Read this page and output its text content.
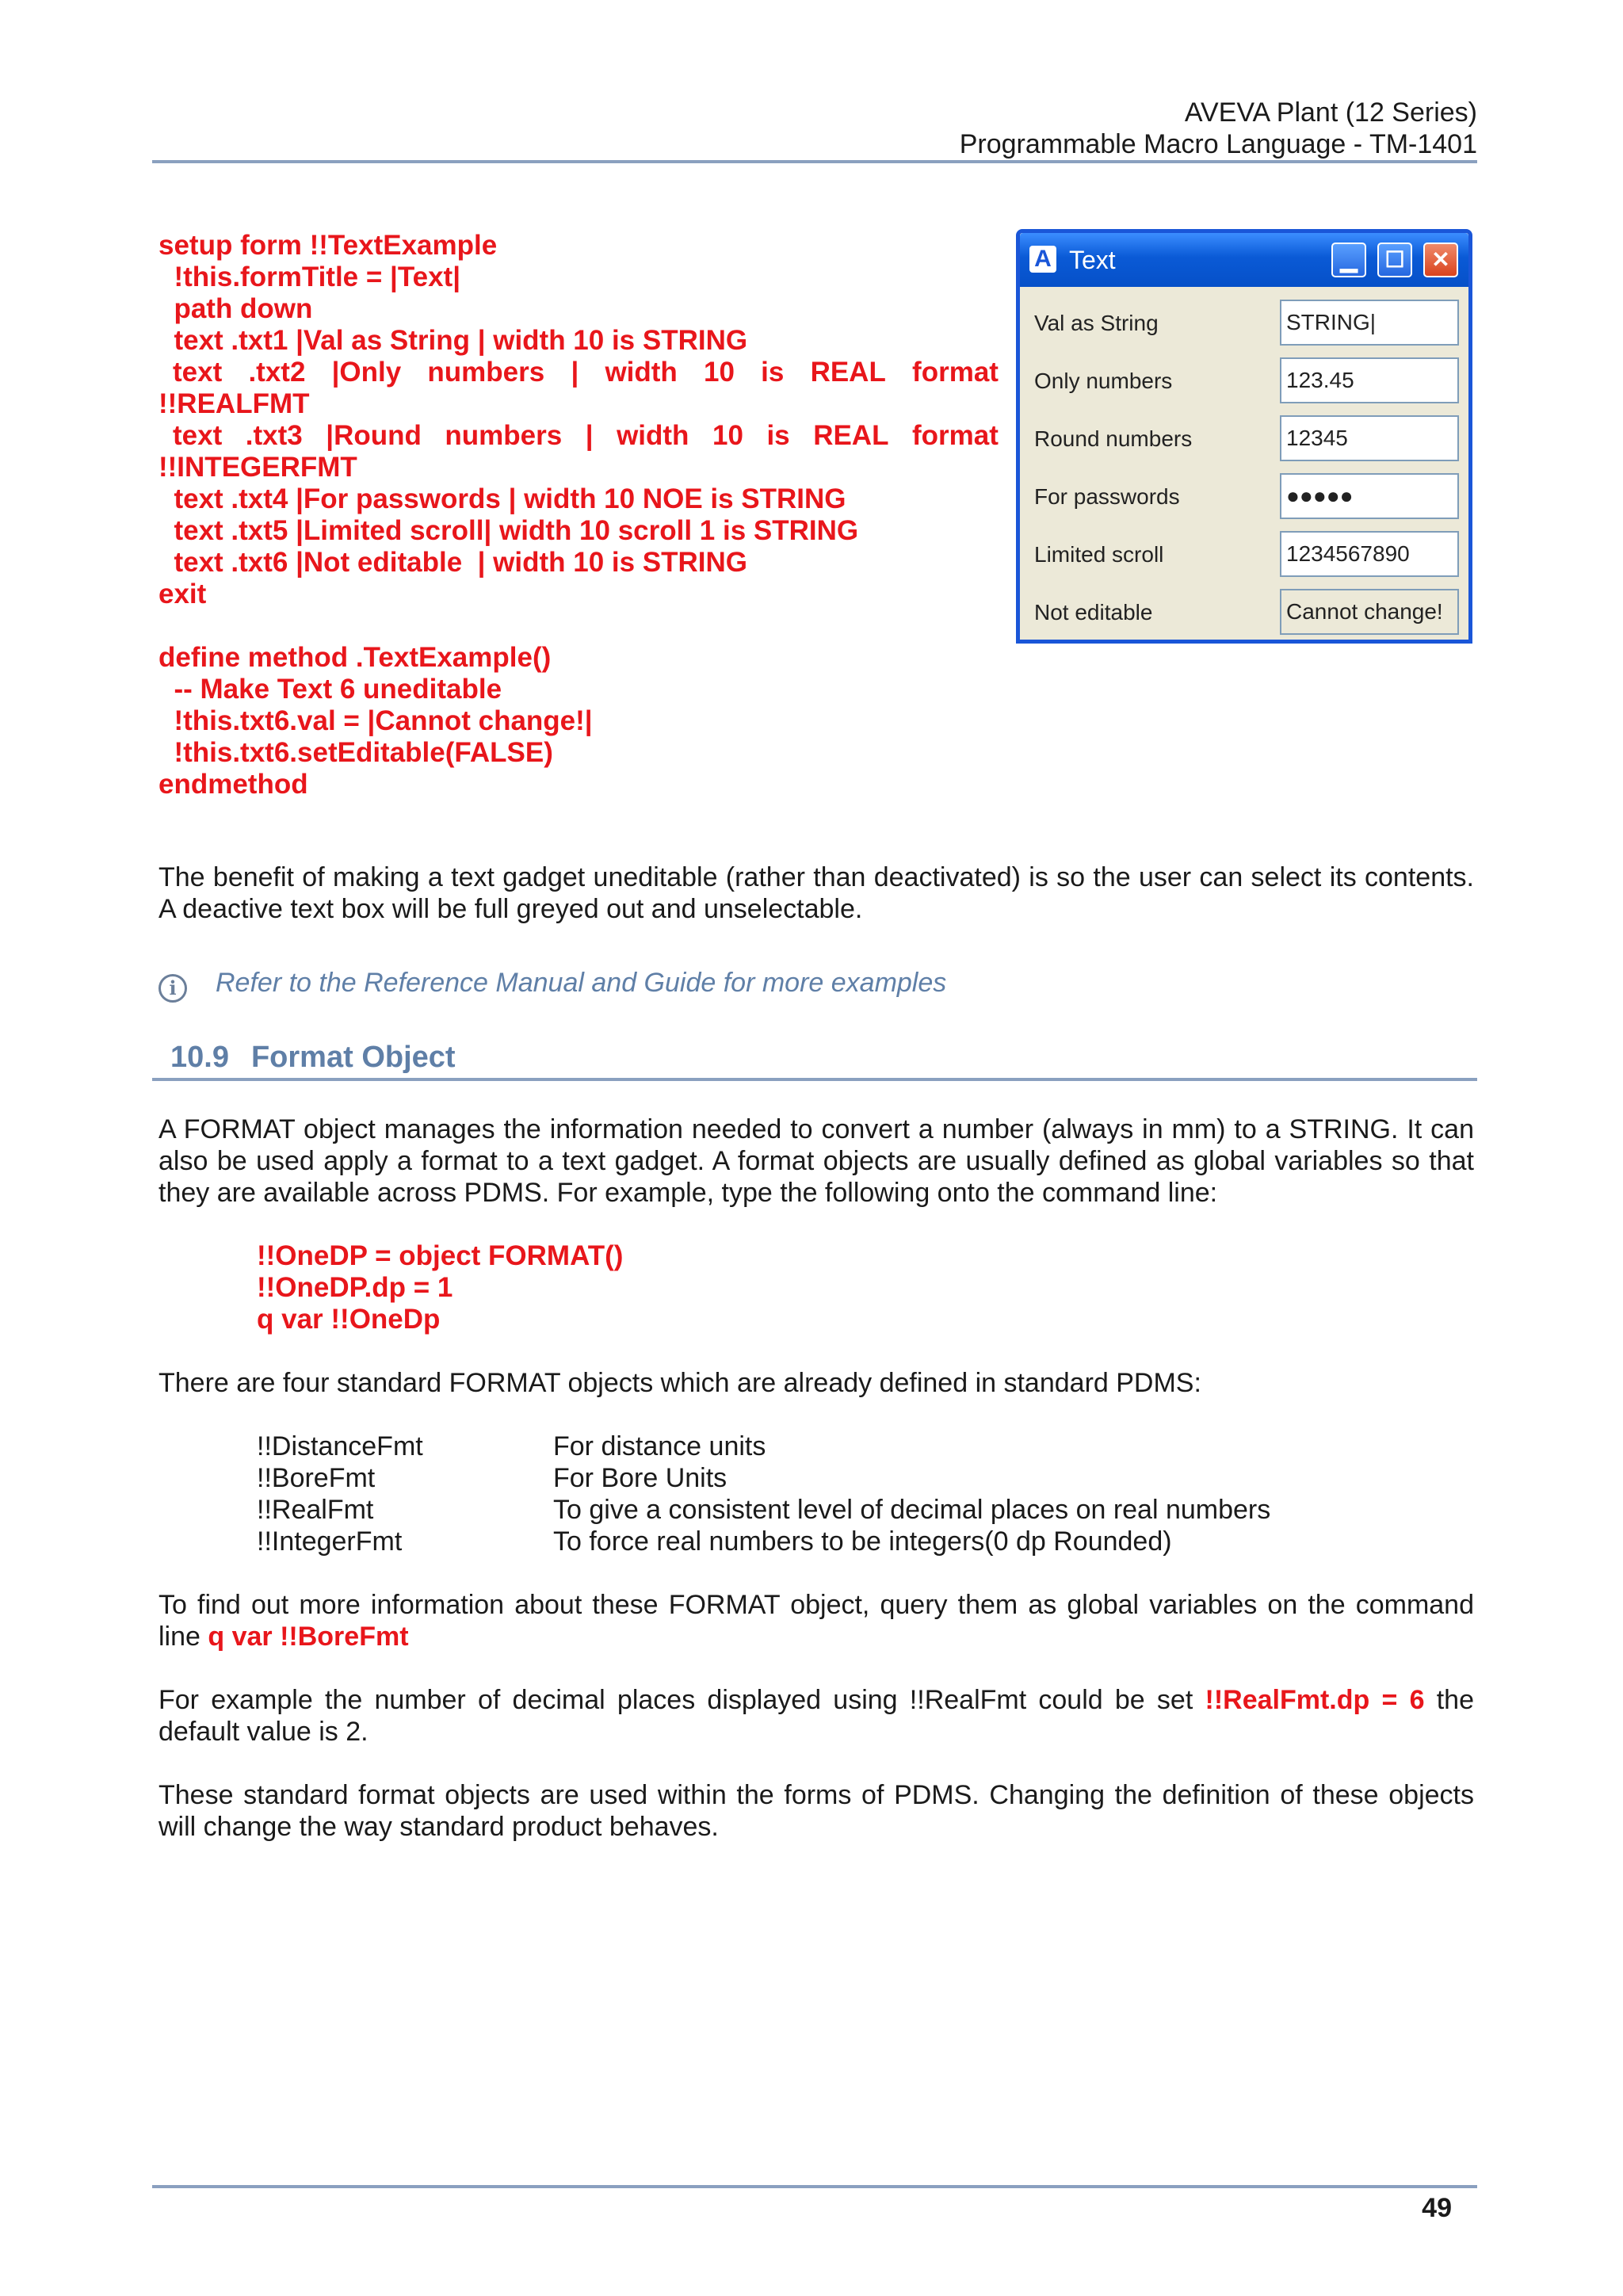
AVEVA Plant (12 Series)
Programmable Macro Language - TM-1401
setup form !!TextExample
!this.formTitle = |Text|
path down
text .txt1 |Val as String | width 10 is STRING
text .txt2 |Only numbers | width 10 is REAL format
!!REALFMT
text .txt3 |Round numbers | width 10 is REAL format
!!INTEGERFMT
text .txt4 |For passwords | width 10 NOE is STRING
text .txt5 |Limited scroll| width 10 scroll 1 is STRING
text .txt6 |Not editable  | width 10 is STRING
exit
define method .TextExample()
-- Make Text 6 uneditable
!this.txt6.val = |Cannot change!|
!this.txt6.setEditable(FALSE)
endmethod
A Text	▁	☐	✕
Val as String	STRING|
Only numbers	123.45
Round numbers	12345
For passwords	●●●●●
Limited scroll	1234567890
Not editable	Cannot change!
The benefit of making a text gadget uneditable (rather than deactivated) is so the user can select its contents. A deactive text box will be full greyed out and unselectable.
i Refer to the Reference Manual and Guide for more examples
10.9 Format Object
A FORMAT object manages the information needed to convert a number (always in mm) to a STRING. It can also be used apply a format to a text gadget. A format objects are usually defined as global variables so that they are available across PDMS. For example, type the following onto the command line:
!!OneDP = object FORMAT()
!!OneDP.dp = 1
q var !!OneDp
There are four standard FORMAT objects which are already defined in standard PDMS:
!!DistanceFmt	For distance units
!!BoreFmt	For Bore Units
!!RealFmt	To give a consistent level of decimal places on real numbers
!!IntegerFmt	To force real numbers to be integers(0 dp Rounded)
To find out more information about these FORMAT object, query them as global variables on the command line q var !!BoreFmt
For example the number of decimal places displayed using !!RealFmt could be set !!RealFmt.dp = 6 the default value is 2.
These standard format objects are used within the forms of PDMS. Changing the definition of these objects will change the way standard product behaves.
49
